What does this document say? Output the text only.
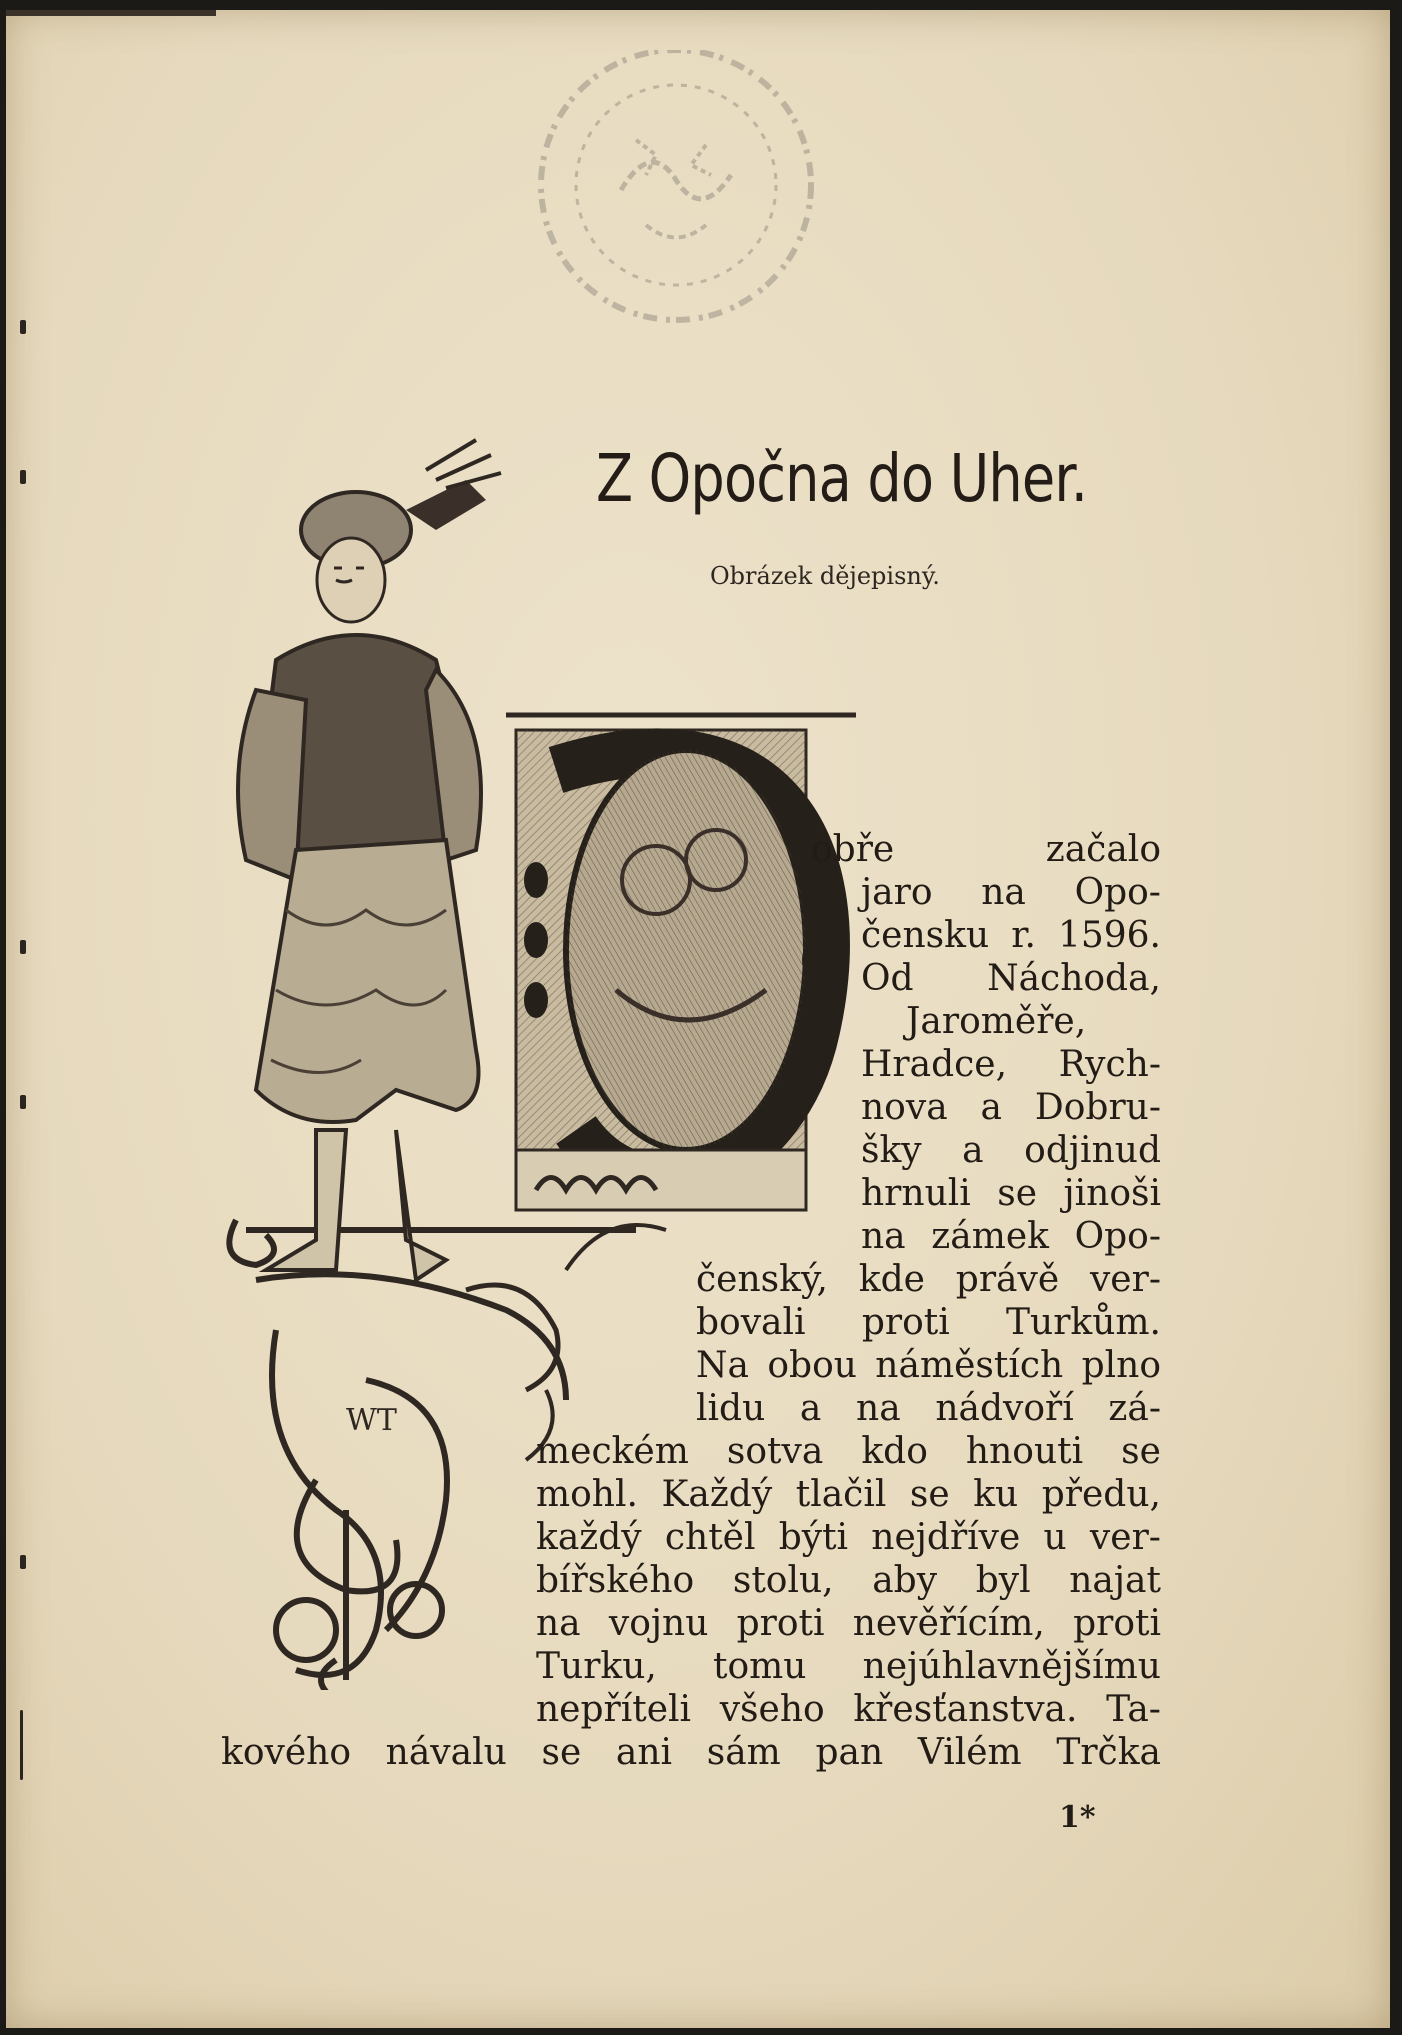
Z Opočna do Uher.
Obrázek dějepisný.
WT
obře	začalo
jaro na Opo-
čensku r. 1596.
Od Náchoda,
Jaroměře,
Hradce, Rych-
nova a Dobru-
šky a odjinud
hrnuli se jinoši
na zámek Opo-
čenský, kde právě ver-
bovali proti Turkům.
Na obou náměstích plno
lidu a na nádvoří zá-
meckém sotva kdo hnouti se
mohl. Každý tlačil se ku předu,
každý chtěl býti nejdříve u ver-
bířského stolu, aby byl najat
na vojnu proti nevěřícím, proti
Turku, tomu nejúhlavnějšímu
nepříteli všeho křesťanstva. Ta-
kového návalu se ani sám pan Vilém Trčka
1*
